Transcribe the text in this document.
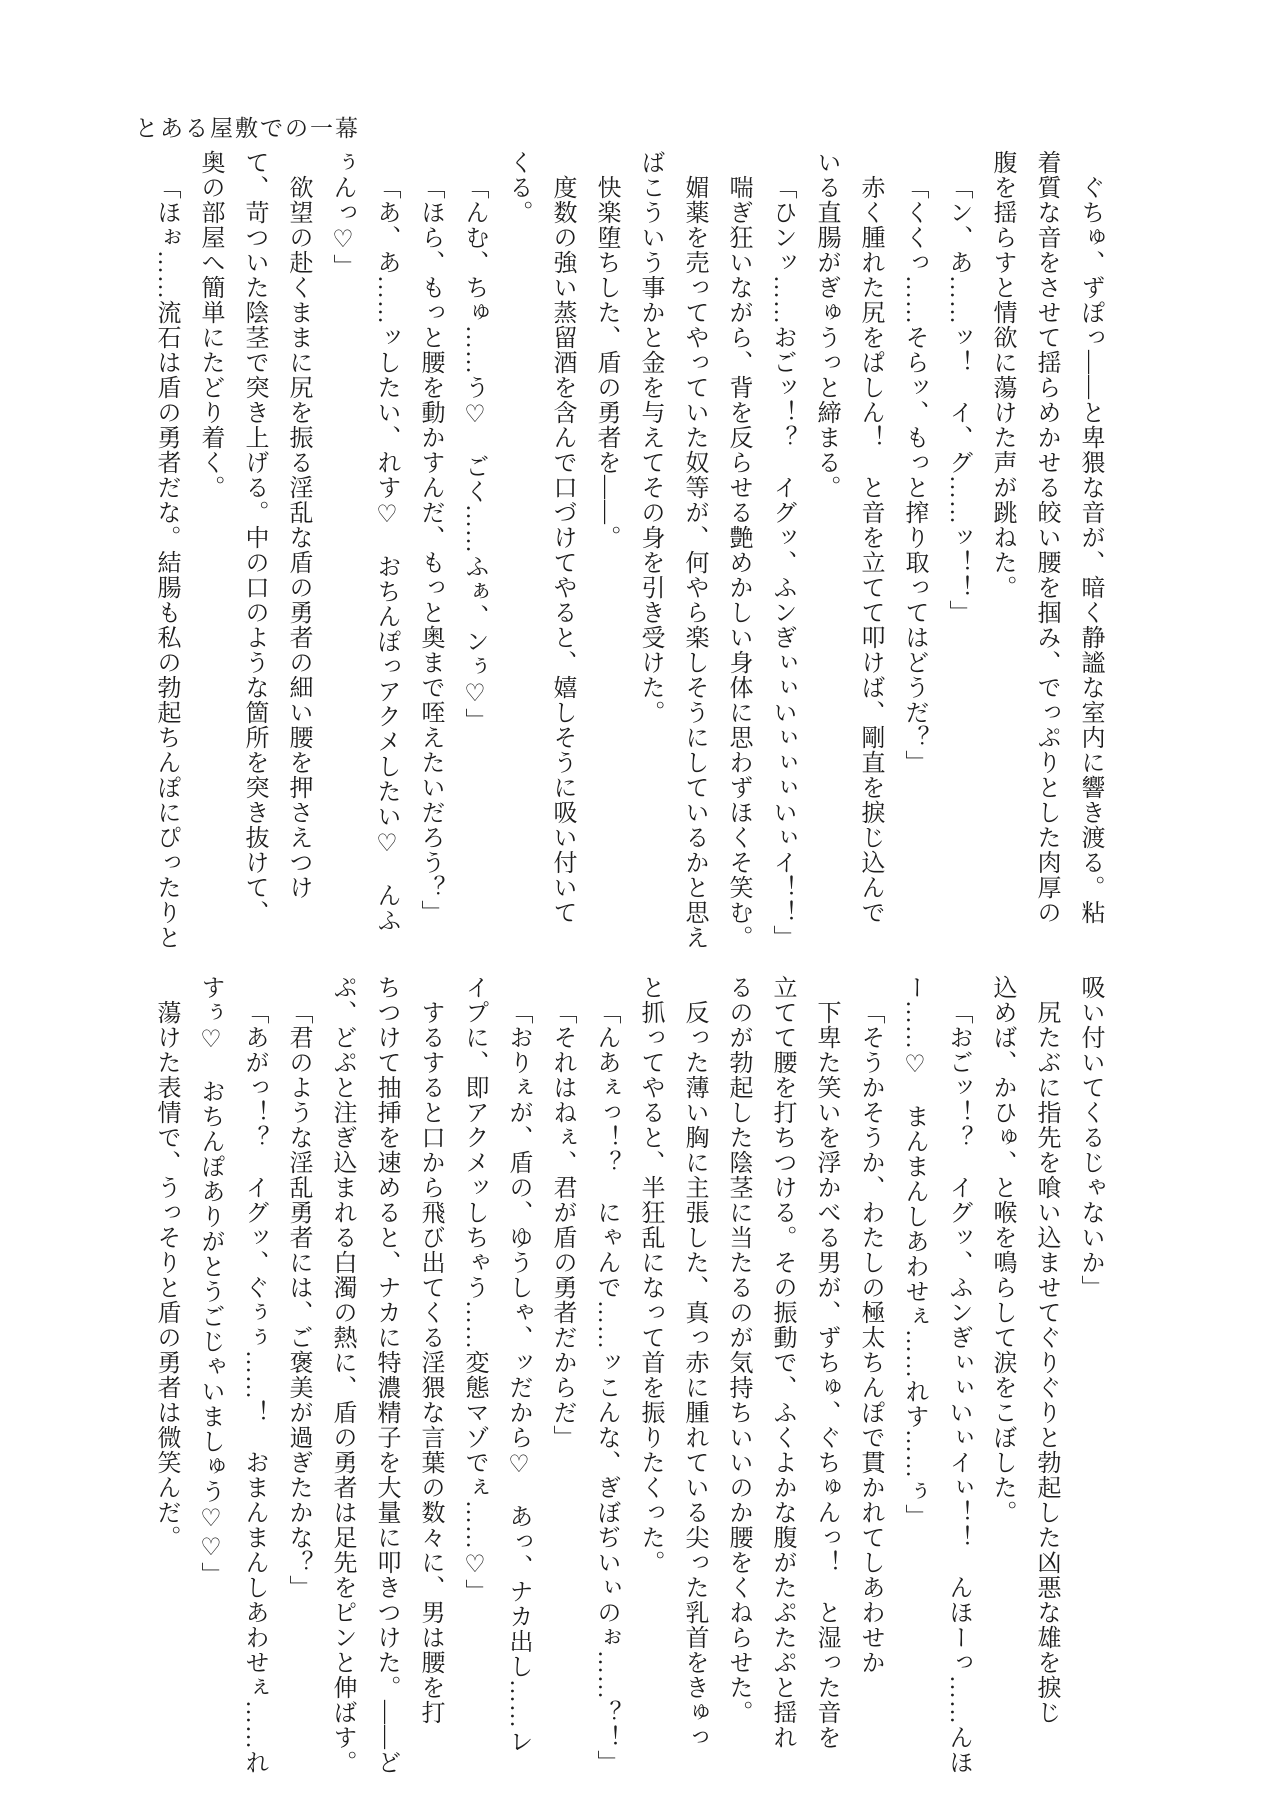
とある屋敷での一幕

ぐちゅ、ずぽっ――と卑猥な音が、暗く静謐な室内に響き渡る。粘

着質な音をさせて揺らめかせる皎い腰を掴み、でっぷりとした肉厚の

腹を揺らすと情欲に蕩けた声が跳ねた。

「ン、あ……ッ！　イ、グ……ッ！！」

「くくっ……そらッ、もっと搾り取ってはどうだ？」

赤く腫れた尻をぱしん！　と音を立てて叩けば、剛直を捩じ込んで

いる直腸がぎゅうっと締まる。

「ひンッ……おごッ！？　イグッ、ふンぎぃぃいぃぃぃいぃイ！！」

喘ぎ狂いながら、背を反らせる艶めかしい身体に思わずほくそ笑む。

媚薬を売ってやっていた奴等が、何やら楽しそうにしているかと思え

ばこういう事かと金を与えてその身を引き受けた。

快楽堕ちした、盾の勇者を――。

度数の強い蒸留酒を含んで口づけてやると、嬉しそうに吸い付いて

くる。

「んむ、ちゅ……う♡　ごく……ふぁ、ンぅ♡」

「ほら、もっと腰を動かすんだ、もっと奥まで咥えたいだろう？」

「あ、あ……ッしたい、れす♡　おちんぽっアクメしたい♡　んふ

ぅんっ♡」

欲望の赴くままに尻を振る淫乱な盾の勇者の細い腰を押さえつけ

て、苛ついた陰茎で突き上げる。中の口のような箇所を突き抜けて、

奥の部屋へ簡単にたどり着く。

「ほぉ……流石は盾の勇者だな。結腸も私の勃起ちんぽにぴったりと

吸い付いてくるじゃないか」

尻たぶに指先を喰い込ませてぐりぐりと勃起した凶悪な雄を捩じ

込めば、かひゅ、と喉を鳴らして涙をこぼした。

「おごッ！？　イグッ、ふンぎぃぃいぃイぃ！！　んほーっ……んほ

ー……♡　まんまんしあわせぇ……れす……ぅ」

「そうかそうか、わたしの極太ちんぽで貫かれてしあわせか

下卑た笑いを浮かべる男が、ずちゅ、ぐちゅんっ！　と湿った音を

立てて腰を打ちつける。その振動で、ふくよかな腹がたぷたぷと揺れ

るのが勃起した陰茎に当たるのが気持ちいいのか腰をくねらせた。

反った薄い胸に主張した、真っ赤に腫れている尖った乳首をきゅっ

と抓ってやると、半狂乱になって首を振りたくった。

「んあぇっ！？　にゃんで……ッこんな、ぎぼぢいぃのぉ……？！」

「それはねぇ、君が盾の勇者だからだ」

「おりぇが、盾の、ゆうしゃ、ッだから♡　あっ、ナカ出し……レ

イプに、即アクメッしちゃう……変態マゾでぇ……♡」

するすると口から飛び出てくる淫猥な言葉の数々に、男は腰を打

ちつけて抽挿を速めると、ナカに特濃精子を大量に叩きつけた。――ど

ぷ、どぷと注ぎ込まれる白濁の熱に、盾の勇者は足先をピンと伸ばす。

「君のような淫乱勇者には、ご褒美が過ぎたかな？」

「あがっ！？　イグッ、ぐぅぅ……！　おまんまんしあわせぇ……れ

すぅ♡　おちんぽありがとうごじゃいましゅう♡♡」

蕩けた表情で、うっそりと盾の勇者は微笑んだ。
